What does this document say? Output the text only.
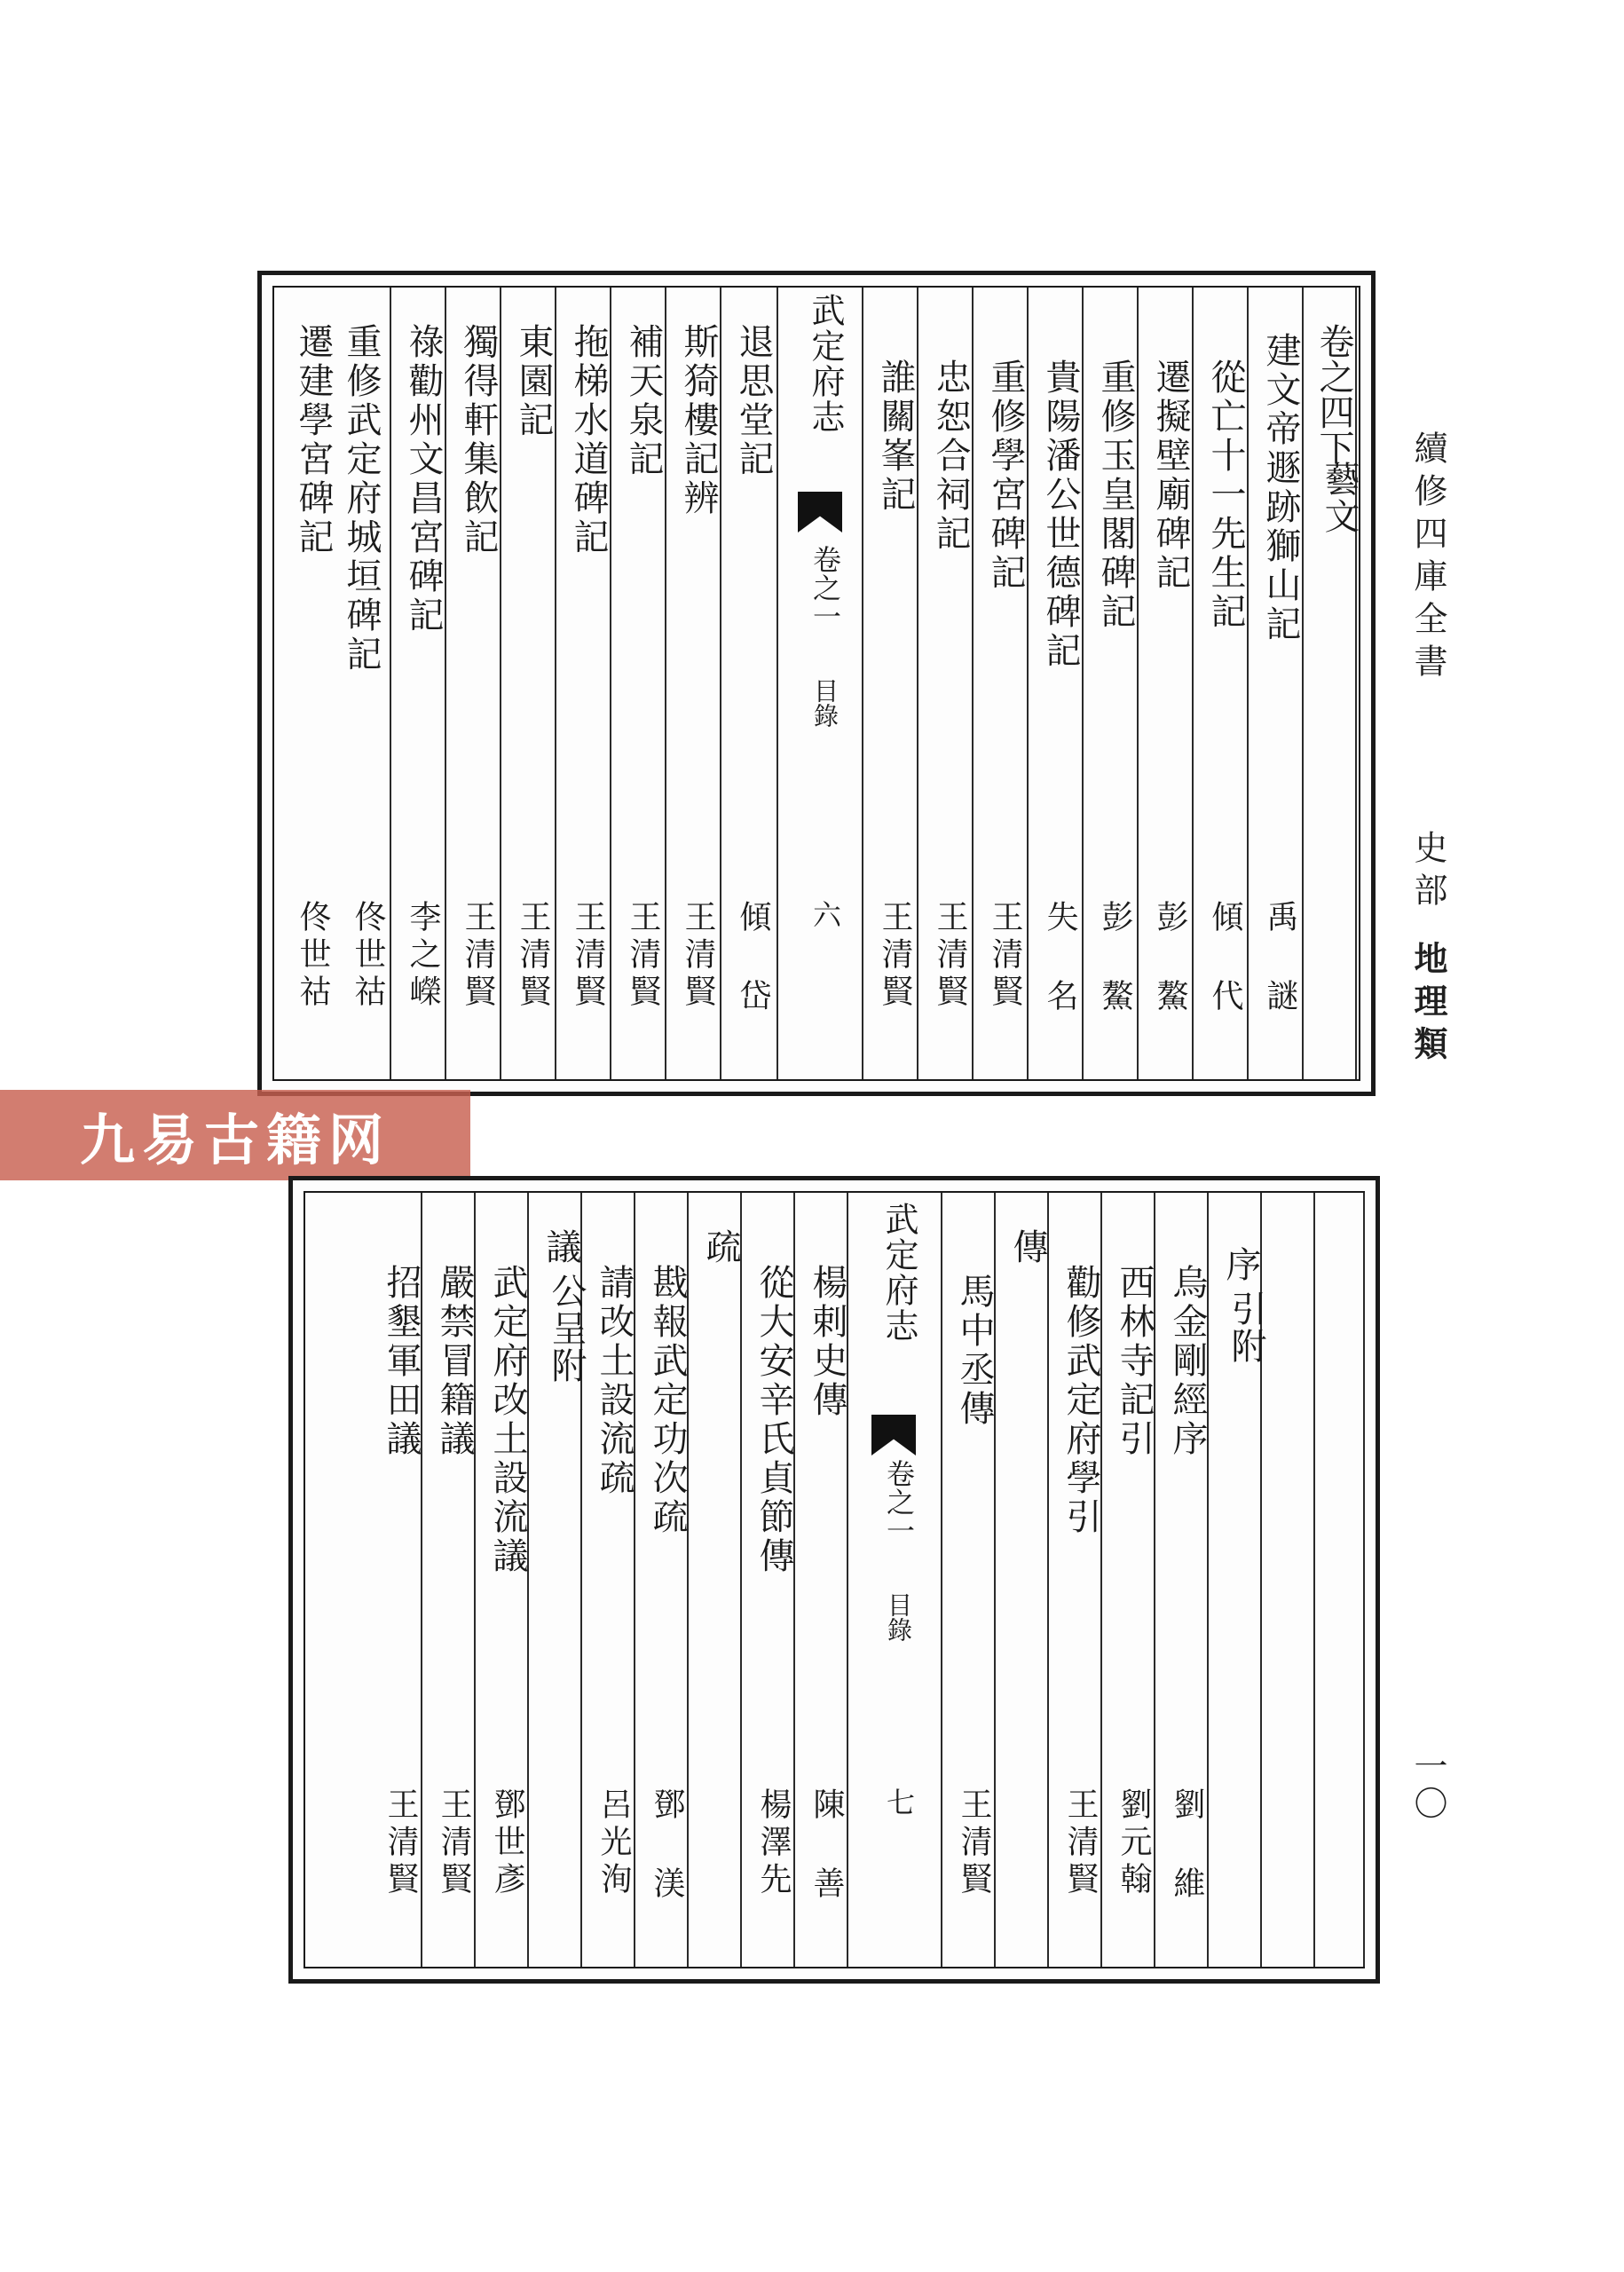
續修四庫全書
史部
地理類
一〇
卷之四下
藝文
建文帝遯跡獅山記
禹 謎
從亡十一先生記
傾 代
遷擬壁廟碑記
彭 鰲
重修玉皇閣碑記
彭 鰲
貴陽潘公世德碑記
失 名
重修學宮碑記
王清賢
忠恕合祠記
王清賢
誰關峯記
王清賢
武定府志
卷之一
目錄
六
退思堂記
傾 岱
斯猗樓記辨
王清賢
補天泉記
王清賢
拖梯水道碑記
王清賢
東園記
王清賢
獨得軒集飲記
王清賢
祿勸州文昌宮碑記
李之嶸
重修武定府城垣碑記
佟世祜
遷建學宮碑記
佟世祜
九易古籍网
序
引附
烏金剛經序
劉 維
西林寺記引
劉元翰
勸修武定府學引
王清賢
傳
馬中丞傳
王清賢
武定府志
卷之一
目錄
七
楊剌史傳
陳 善
從大安辛氏貞節傳
楊澤先
疏
戡報武定功次疏
鄧 渼
請改土設流疏
呂光洵
議
公呈附
武定府改土設流議
鄧世彥
嚴禁冒籍議
王清賢
招墾軍田議
王清賢
